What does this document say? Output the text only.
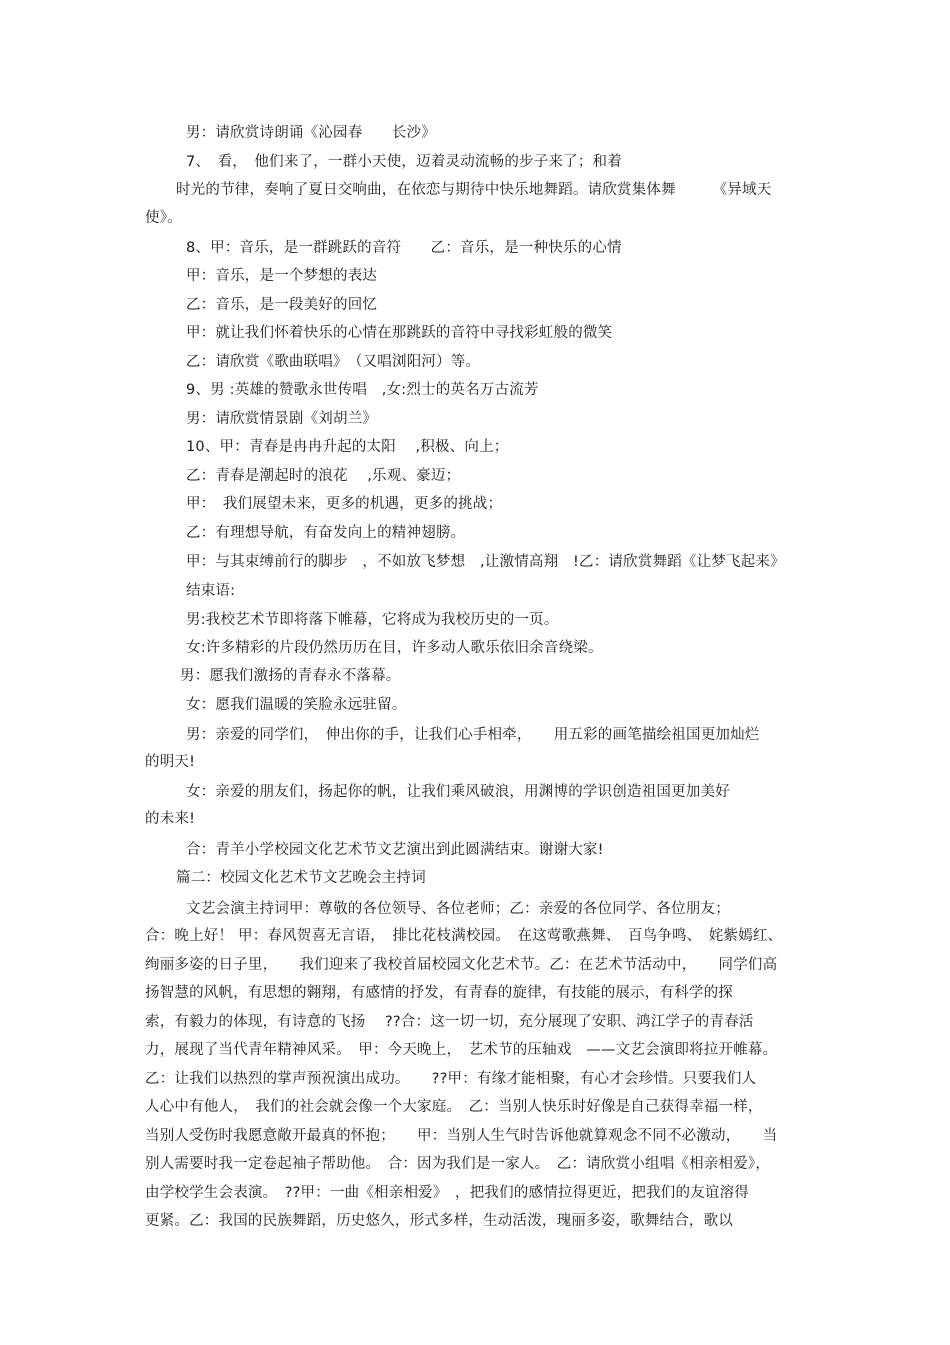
男：请欣赏诗朗诵《沁园春　　长沙》
7、　看，　他们来了，一群小天使，迈着灵动流畅的步子来了；和着
时光的节律，奏响了夏日交响曲，在依恋与期待中快乐地舞蹈。请欣赏集体舞　　　《异域天
使》。
8、甲：音乐，是一群跳跃的音符　　乙：音乐，是一种快乐的心情
甲：音乐，是一个梦想的表达
乙：音乐，是一段美好的回忆
甲：就让我们怀着快乐的心情在那跳跃的音符中寻找彩虹般的微笑
乙：请欣赏《歌曲联唱》　（又唱浏阳河）等。
9、男 :英雄的赞歌永世传唱　,女:烈士的英名万古流芳
男：请欣赏情景剧《刘胡兰》
10、甲：青春是冉冉升起的太阳　 ,积极、向上；
乙：青春是潮起时的浪花　 ,乐观、豪迈；
甲：　我们展望未来，更多的机遇，更多的挑战；
乙：有理想导航，有奋发向上的精神翅膀。
甲：与其束缚前行的脚步　，不如放飞梦想　,让激情高翔　!乙：请欣赏舞蹈《让梦飞起来》
结束语:
男:我校艺术节即将落下帷幕，它将成为我校历史的一页。
女:许多精彩的片段仍然历历在目，许多动人歌乐依旧余音绕梁。
男：愿我们激扬的青春永不落幕。
女：愿我们温暖的笑脸永远驻留。
男：亲爱的同学们，　伸出你的手，让我们心手相牵，　　用五彩的画笔描绘祖国更加灿烂
的明天!
女：亲爱的朋友们，扬起你的帆，让我们乘风破浪，用渊博的学识创造祖国更加美好
的未来!
合：青羊小学校园文化艺术节文艺演出到此圆满结束。谢谢大家!
篇二：校园文化艺术节文艺晚会主持词
文艺会演主持词甲：尊敬的各位领导、各位老师；乙：亲爱的各位同学、各位朋友；
合：晚上好！ 甲：春风贺喜无言语，　排比花枝满校园。　在这莺歌燕舞、　百鸟争鸣、　姹紫嫣红、
绚丽多姿的日子里，　　我们迎来了我校首届校园文化艺术节。乙：在艺术节活动中，　　同学们高
扬智慧的风帆，有思想的翱翔，有感情的抒发，有青春的旋律，有技能的展示，有科学的探
索，有毅力的体现，有诗意的飞扬　 ??合：这一切一切，充分展现了安职、鸿江学子的青春活
力，展现了当代青年精神风采。　甲：今天晚上，　艺术节的压轴戏　——文艺会演即将拉开帷幕。
乙：让我们以热烈的掌声预祝演出成功。　　??甲：有缘才能相聚，有心才会珍惜。只要我们人
人心中有他人，　我们的社会就会像一个大家庭。　乙：当别人快乐时好像是自己获得幸福一样，
当别人受伤时我愿意敞开最真的怀抱；　　甲：当别人生气时告诉他就算观念不同不必激动，　　当
别人需要时我一定卷起袖子帮助他。　合：因为我们是一家人。　乙：请欣赏小组唱《相亲相爱》，
由学校学生会表演。　??甲：一曲《相亲相爱》　，把我们的感情拉得更近，把我们的友谊溶得
更紧。乙：我国的民族舞蹈，历史悠久，形式多样，生动活泼，瑰丽多姿，歌舞结合，歌以
